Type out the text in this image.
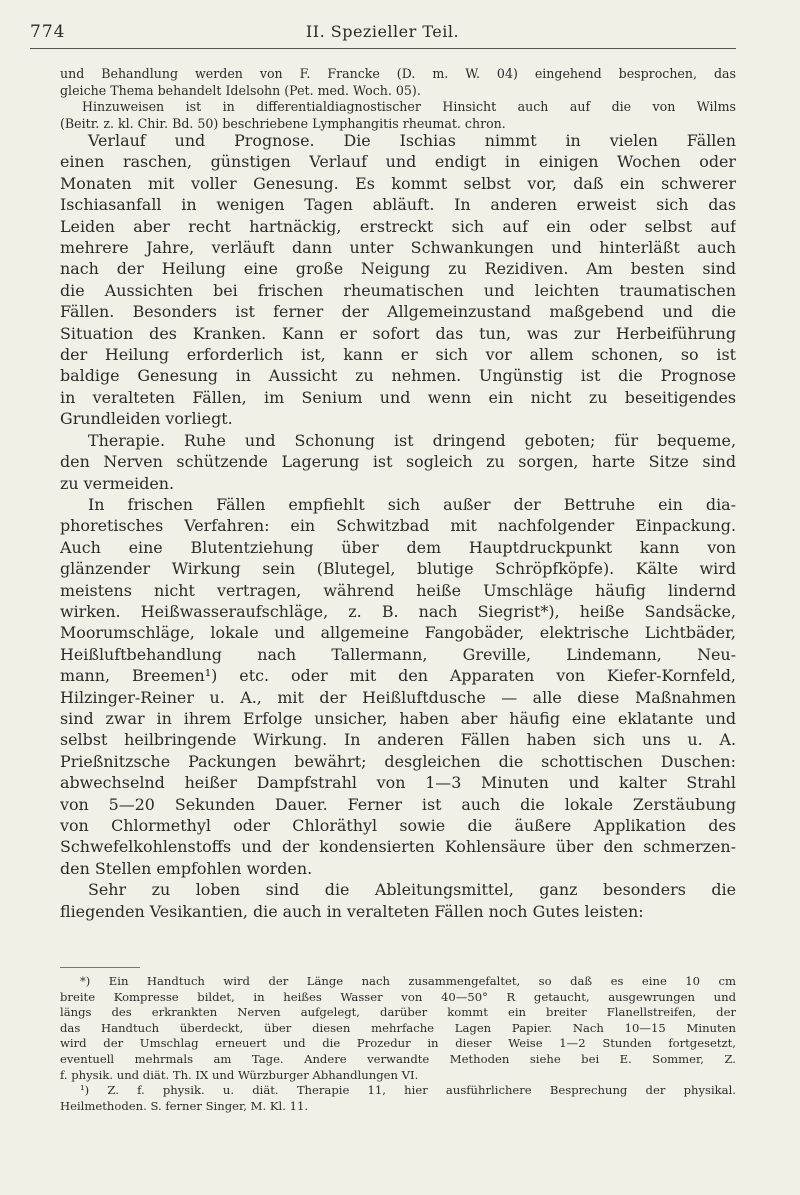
774	II. Spezieller Teil.
und Behandlung werden von F. Francke (D. m. W. 04) eingehend besprochen, das
gleiche Thema behandelt Idelsohn (Pet. med. Woch. 05).
Hinzuweisen ist in differentialdiagnostischer Hinsicht auch auf die von Wilms
(Beitr. z. kl. Chir. Bd. 50) beschriebene Lymphangitis rheumat. chron.
Verlauf und Prognose. Die Ischias nimmt in vielen Fällen
einen raschen, günstigen Verlauf und endigt in einigen Wochen oder
Monaten mit voller Genesung. Es kommt selbst vor, daß ein schwerer
Ischiasanfall in wenigen Tagen abläuft. In anderen erweist sich das
Leiden aber recht hartnäckig, erstreckt sich auf ein oder selbst auf
mehrere Jahre, verläuft dann unter Schwankungen und hinterläßt auch
nach der Heilung eine große Neigung zu Rezidiven. Am besten sind
die Aussichten bei frischen rheumatischen und leichten traumatischen
Fällen. Besonders ist ferner der Allgemeinzustand maßgebend und die
Situation des Kranken. Kann er sofort das tun, was zur Herbeiführung
der Heilung erforderlich ist, kann er sich vor allem schonen, so ist
baldige Genesung in Aussicht zu nehmen. Ungünstig ist die Prognose
in veralteten Fällen, im Senium und wenn ein nicht zu beseitigendes
Grundleiden vorliegt.
Therapie. Ruhe und Schonung ist dringend geboten; für bequeme,
den Nerven schützende Lagerung ist sogleich zu sorgen, harte Sitze sind
zu vermeiden.
In frischen Fällen empfiehlt sich außer der Bettruhe ein dia-
phoretisches Verfahren: ein Schwitzbad mit nachfolgender Einpackung.
Auch eine Blutentziehung über dem Hauptdruckpunkt kann von
glänzender Wirkung sein (Blutegel, blutige Schröpfköpfe). Kälte wird
meistens nicht vertragen, während heiße Umschläge häufig lindernd
wirken. Heißwasseraufschläge, z. B. nach Siegrist*), heiße Sandsäcke,
Moorumschläge, lokale und allgemeine Fangobäder, elektrische Lichtbäder,
Heißluftbehandlung nach Tallermann, Greville, Lindemann, Neu-
mann, Breemen¹) etc. oder mit den Apparaten von Kiefer-Kornfeld,
Hilzinger-Reiner u. A., mit der Heißluftdusche — alle diese Maßnahmen
sind zwar in ihrem Erfolge unsicher, haben aber häufig eine eklatante und
selbst heilbringende Wirkung. In anderen Fällen haben sich uns u. A.
Prießnitzsche Packungen bewährt; desgleichen die schottischen Duschen:
abwechselnd heißer Dampfstrahl von 1—3 Minuten und kalter Strahl
von 5—20 Sekunden Dauer. Ferner ist auch die lokale Zerstäubung
von Chlormethyl oder Chloräthyl sowie die äußere Applikation des
Schwefelkohlenstoffs und der kondensierten Kohlensäure über den schmerzen-
den Stellen empfohlen worden.
Sehr zu loben sind die Ableitungsmittel, ganz besonders die
fliegenden Vesikantien, die auch in veralteten Fällen noch Gutes leisten:
*) Ein Handtuch wird der Länge nach zusammengefaltet, so daß es eine 10 cm
breite Kompresse bildet, in heißes Wasser von 40—50° R getaucht, ausgewrungen und
längs des erkrankten Nerven aufgelegt, darüber kommt ein breiter Flanellstreifen, der
das Handtuch überdeckt, über diesen mehrfache Lagen Papier. Nach 10—15 Minuten
wird der Umschlag erneuert und die Prozedur in dieser Weise 1—2 Stunden fortgesetzt,
eventuell mehrmals am Tage. Andere verwandte Methoden siehe bei E. Sommer, Z.
f. physik. und diät. Th. IX und Würzburger Abhandlungen VI.
¹) Z. f. physik. u. diät. Therapie 11, hier ausführlichere Besprechung der physikal.
Heilmethoden. S. ferner Singer, M. Kl. 11.
